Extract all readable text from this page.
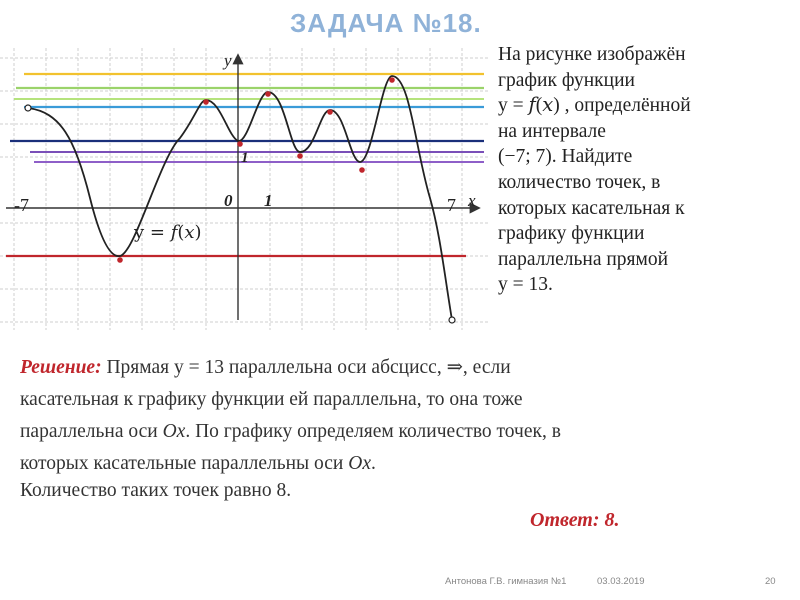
ЗАДАЧА №18.
y
x
0 1
1
-7	7
y = 𝑓(𝑥)
На рисунке изображён
график функции
y = 𝑓(𝑥) , определённой
на интервале
(−7; 7). Найдите
количество точек, в
которых касательная к
графику функции
параллельна прямой
y = 13.
Решение: Прямая y = 13 параллельна оси абсцисс, ⇒, если
касательная к графику функции ей параллельна, то она тоже
параллельна оси Ox. По графику определяем количество точек, в
которых касательные параллельны оси Ox.
Количество таких точек равно 8.
Ответ: 8.
Антонова Г.В. гимназия №1	03.03.2019	20
